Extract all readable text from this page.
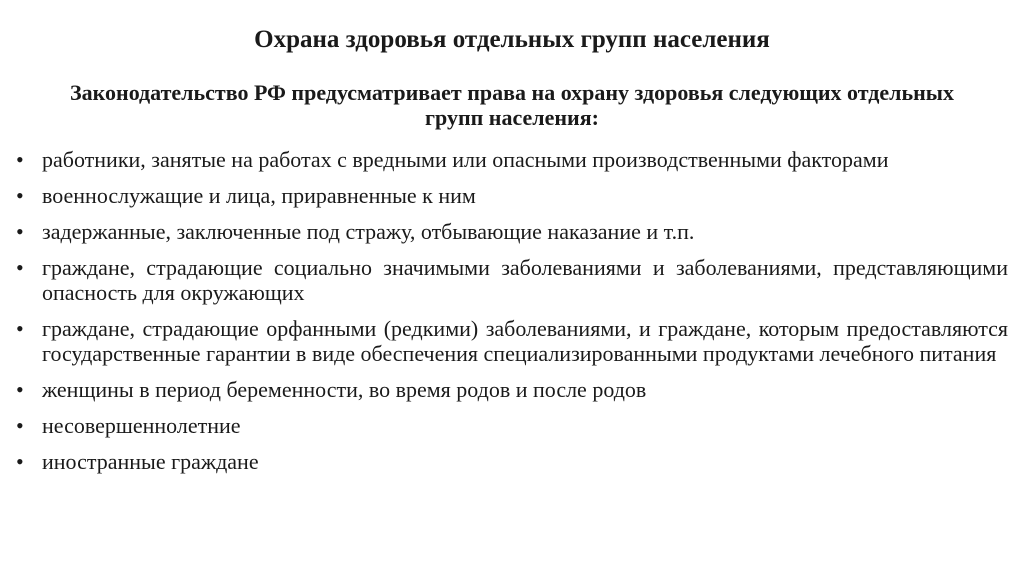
Охрана здоровья отдельных групп населения

Законодательство РФ предусматривает права на охрану здоровья следующих отдельных групп населения:

• работники, занятые на работах с вредными или опасными производственными факторами
• военнослужащие и лица, приравненные к ним
• задержанные, заключенные под стражу, отбывающие наказание и т.п.
• граждане, страдающие социально значимыми заболеваниями и заболеваниями, представляющими опасность для окружающих
• граждане, страдающие орфанными (редкими) заболеваниями, и граждане, которым предоставляются государственные гарантии в виде обеспечения специализированными продуктами лечебного питания
• женщины в период беременности, во время родов и после родов
• несовершеннолетние
• иностранные граждане
